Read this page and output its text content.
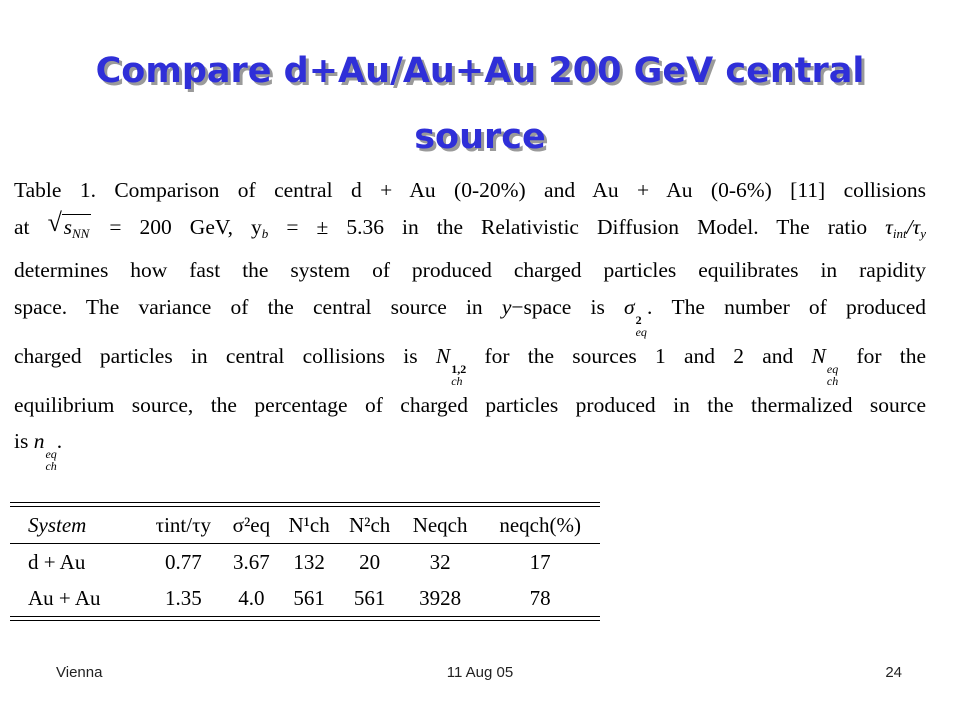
Compare d+Au/Au+Au 200 GeV central
source
Table 1. Comparison of central d + Au (0-20%) and Au + Au (0-6%) [11] collisions
at √ $s_{NN} = 200$ GeV, $y_b$ = ± 5.36 in the Relativistic Diffusion Model. The ratio $\tau_{int}/\tau_y$
determines how fast the system of produced charged particles equilibrates in rapidity
space. The variance of the central source in y−space is σ
2
eq
. The number of produced
charged particles in central collisions is N
1,2
ch
for the sources 1 and 2 and N
eq
ch
for the
equilibrium source, the percentage of charged particles produced in the thermalized source
is n
eq
ch
.
System	τint/τy	σ²eq	N¹ch	N²ch	Neqch	neqch(%)
d + Au	0.77	3.67	132	20	32	17
Au + Au	1.35	4.0	561	561	3928	78
Vienna	11 Aug 05	24
